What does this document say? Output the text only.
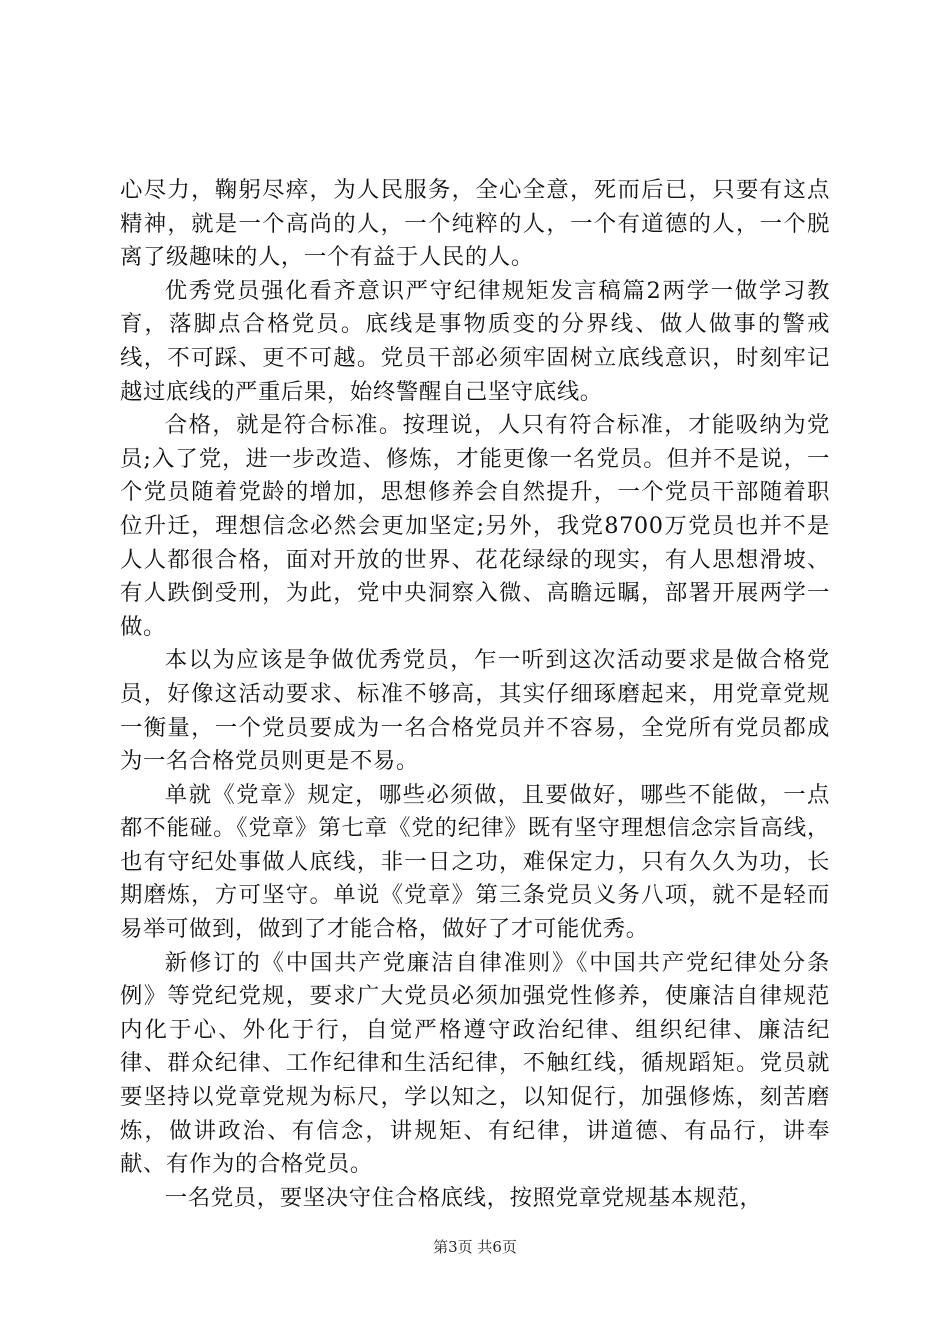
心尽力，鞠躬尽瘁，为人民服务，全心全意，死而后已，只要有这点精神，就是一个高尚的人，一个纯粹的人，一个有道德的人，一个脱离了级趣味的人，一个有益于人民的人。

优秀党员强化看齐意识严守纪律规矩发言稿篇2两学一做学习教育，落脚点合格党员。底线是事物质变的分界线、做人做事的警戒线，不可踩、更不可越。党员干部必须牢固树立底线意识，时刻牢记越过底线的严重后果，始终警醒自己坚守底线。

合格，就是符合标准。按理说，人只有符合标准，才能吸纳为党员;入了党，进一步改造、修炼，才能更像一名党员。但并不是说，一个党员随着党龄的增加，思想修养会自然提升，一个党员干部随着职位升迁，理想信念必然会更加坚定;另外，我党8700万党员也并不是人人都很合格，面对开放的世界、花花绿绿的现实，有人思想滑坡、有人跌倒受刑，为此，党中央洞察入微、高瞻远瞩，部署开展两学一做。

本以为应该是争做优秀党员，乍一听到这次活动要求是做合格党员，好像这活动要求、标准不够高，其实仔细琢磨起来，用党章党规一衡量，一个党员要成为一名合格党员并不容易，全党所有党员都成为一名合格党员则更是不易。

单就《党章》规定，哪些必须做，且要做好，哪些不能做，一点都不能碰。《党章》第七章《党的纪律》既有坚守理想信念宗旨高线，也有守纪处事做人底线，非一日之功，难保定力，只有久久为功，长期磨炼，方可坚守。单说《党章》第三条党员义务八项，就不是轻而易举可做到，做到了才能合格，做好了才可能优秀。

新修订的《中国共产党廉洁自律准则》《中国共产党纪律处分条例》等党纪党规，要求广大党员必须加强党性修养，使廉洁自律规范内化于心、外化于行，自觉严格遵守政治纪律、组织纪律、廉洁纪律、群众纪律、工作纪律和生活纪律，不触红线，循规蹈矩。党员就要坚持以党章党规为标尺，学以知之，以知促行，加强修炼，刻苦磨炼，做讲政治、有信念，讲规矩、有纪律，讲道德、有品行，讲奉献、有作为的合格党员。

一名党员，要坚决守住合格底线，按照党章党规基本规范，

第3页 共6页
